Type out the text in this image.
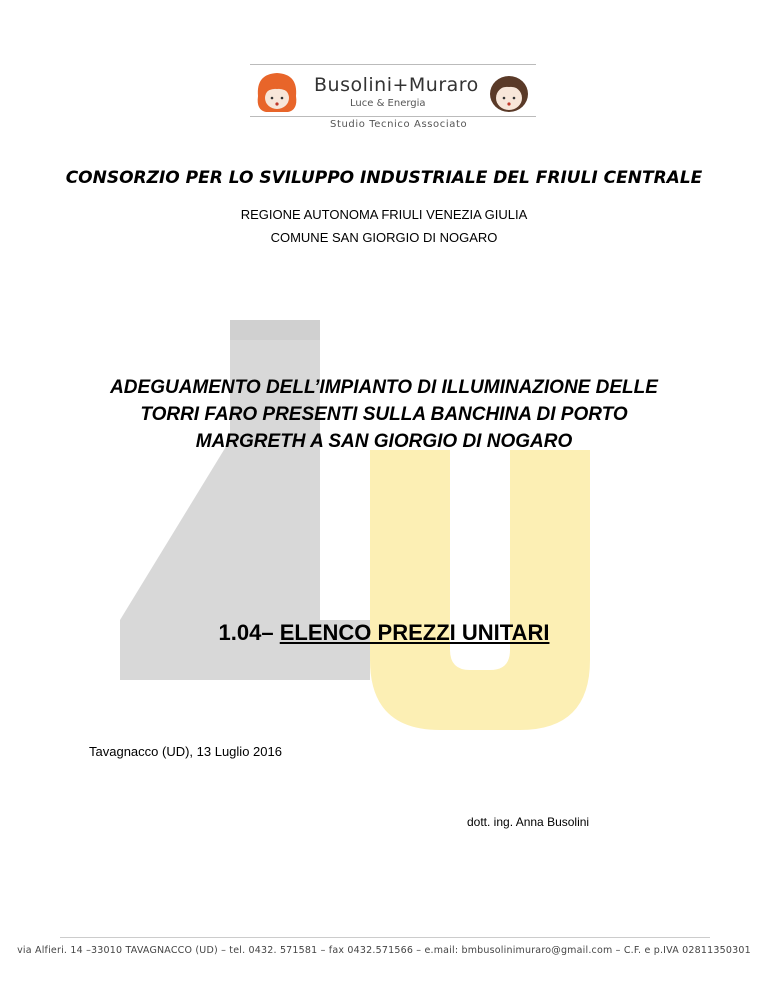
Busolini+Muraro
Luce & Energia
Studio Tecnico Associato
CONSORZIO PER LO SVILUPPO INDUSTRIALE DEL FRIULI CENTRALE
REGIONE AUTONOMA FRIULI VENEZIA GIULIA
COMUNE SAN GIORGIO DI NOGARO
ADEGUAMENTO DELL’IMPIANTO DI ILLUMINAZIONE DELLE
TORRI FARO PRESENTI SULLA BANCHINA DI PORTO
MARGRETH A SAN GIORGIO DI NOGARO
1.04– ELENCO PREZZI UNITARI
Tavagnacco (UD), 13 Luglio 2016
dott. ing. Anna Busolini
via Alfieri. 14 –33010 TAVAGNACCO (UD) – tel. 0432. 571581 – fax 0432.571566 – e.mail: bmbusolinimuraro@gmail.com – C.F. e p.IVA 02811350301
